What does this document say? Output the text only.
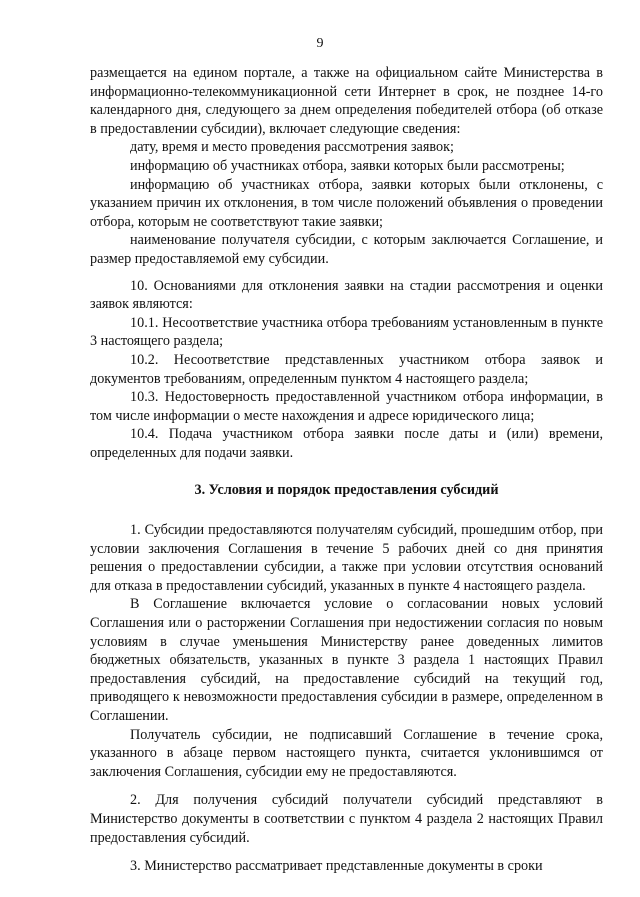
9

размещается на едином портале, а также на официальном сайте Министерства в информационно-телекоммуникационной сети Интернет в срок, не позднее 14-го календарного дня, следующего за днем определения победителей отбора (об отказе в предоставлении субсидии), включает следующие сведения:

дату, время и место проведения рассмотрения заявок;

информацию об участниках отбора, заявки которых были рассмотрены;

информацию об участниках отбора, заявки которых были отклонены, с указанием причин их отклонения, в том числе положений объявления о проведении отбора, которым не соответствуют такие заявки;

наименование получателя субсидии, с которым заключается Соглашение, и размер предоставляемой ему субсидии.

10. Основаниями для отклонения заявки на стадии рассмотрения и оценки заявок являются:

10.1. Несоответствие участника отбора требованиям установленным в пункте 3 настоящего раздела;

10.2. Несоответствие представленных участником отбора заявок и документов требованиям, определенным пунктом 4 настоящего раздела;

10.3. Недостоверность предоставленной участником отбора информации, в том числе информации о месте нахождения и адресе юридического лица;

10.4. Подача участником отбора заявки после даты и (или) времени, определенных для подачи заявки.

3. Условия и порядок предоставления субсидий

1. Субсидии предоставляются получателям субсидий, прошедшим отбор, при условии заключения Соглашения в течение 5 рабочих дней со дня принятия решения о предоставлении субсидии, а также при условии отсутствия оснований для отказа в предоставлении субсидий, указанных в пункте 4 настоящего раздела.

В Соглашение включается условие о согласовании новых условий Соглашения или о расторжении Соглашения при недостижении согласия по новым условиям в случае уменьшения Министерству ранее доведенных лимитов бюджетных обязательств, указанных в пункте 3 раздела 1 настоящих Правил предоставления субсидий, на предоставление субсидий на текущий год, приводящего к невозможности предоставления субсидии в размере, определенном в Соглашении.

Получатель субсидии, не подписавший Соглашение в течение срока, указанного в абзаце первом настоящего пункта, считается уклонившимся от заключения Соглашения, субсидии ему не предоставляются.

2. Для получения субсидий получатели субсидий представляют в Министерство документы в соответствии с пунктом 4 раздела 2 настоящих Правил предоставления субсидий.

3. Министерство рассматривает представленные документы в сроки
